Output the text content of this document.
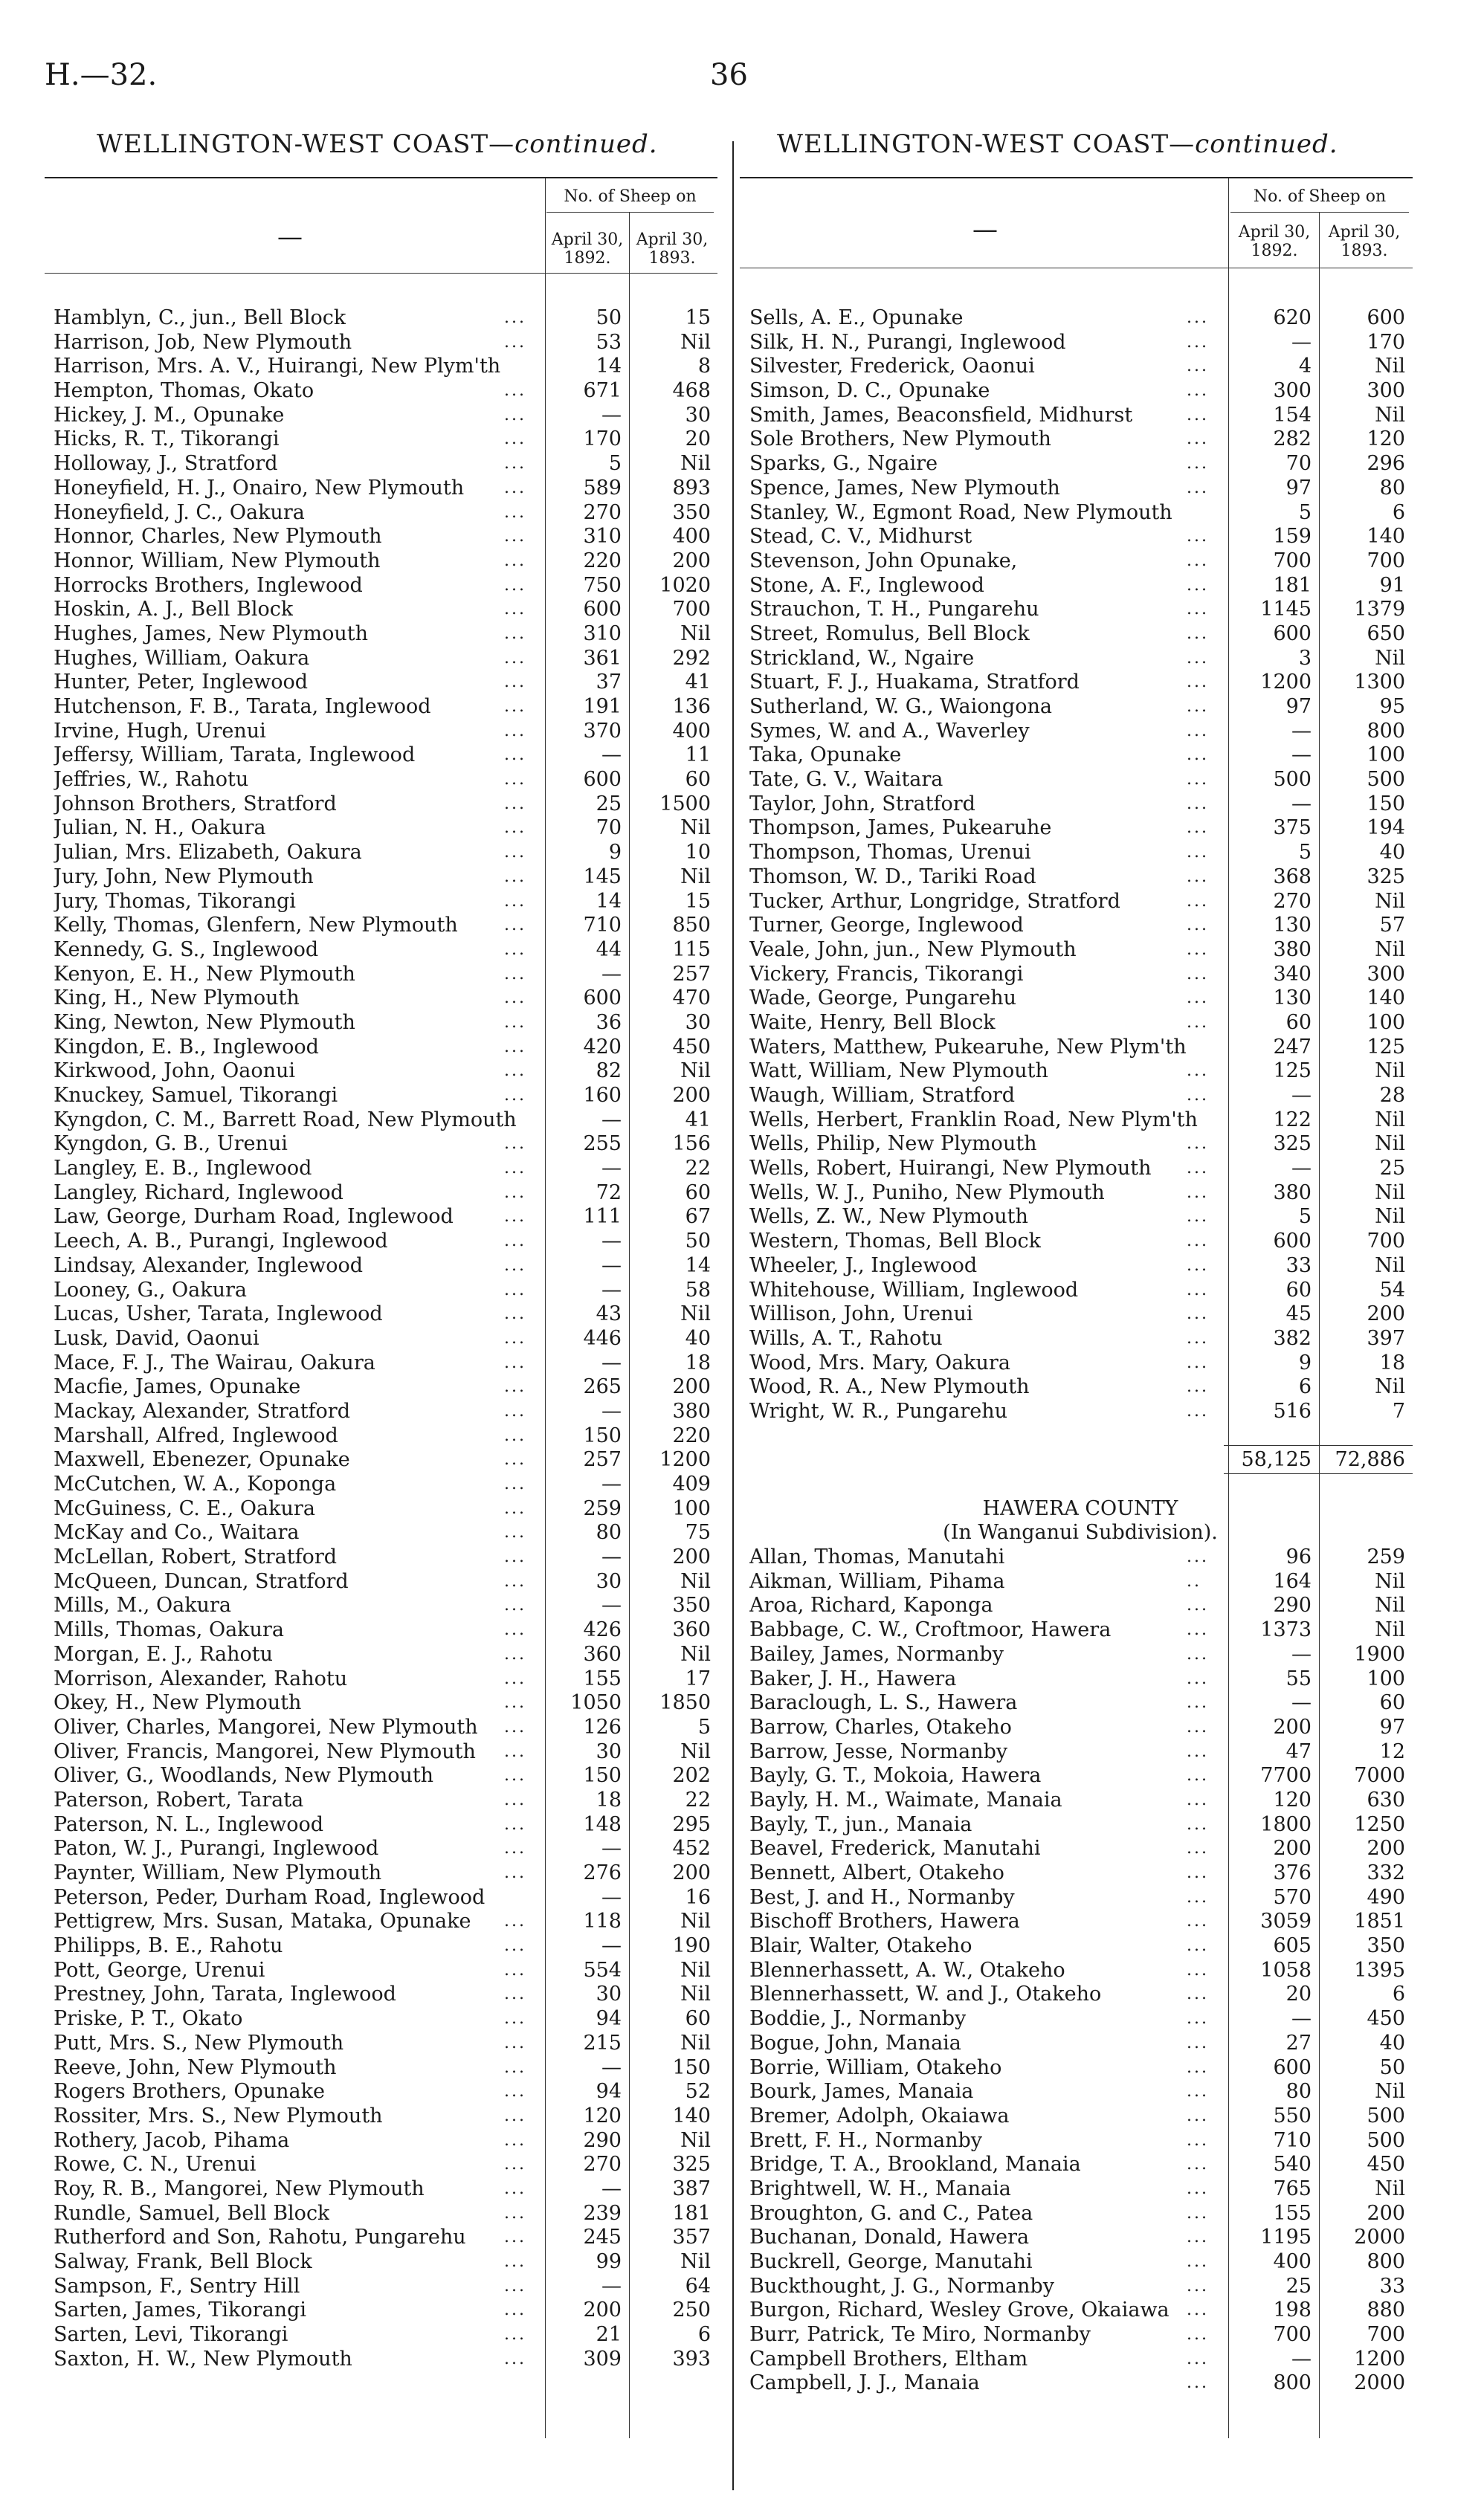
H.—32.	36
WELLINGTON-WEST COAST—continued.
—
No. of Sheep on
April 30, 1892.
April 30, 1893.
Hamblyn, C., jun., Bell Block	...	50	15
Harrison, Job, New Plymouth	...	53	Nil
Harrison, Mrs. A. V., Huirangi, New Plym'th	14	8
Hempton, Thomas, Okato	...	671	468
Hickey, J. M., Opunake	...	—	30
Hicks, R. T., Tikorangi	...	170	20
Holloway, J., Stratford	...	5	Nil
Honeyfield, H. J., Onairo, New Plymouth ...	589	893
Honeyfield, J. C., Oakura	...	270	350
Honnor, Charles, New Plymouth	...	310	400
Honnor, William, New Plymouth	...	220	200
Horrocks Brothers, Inglewood	...	750	1020
Hoskin, A. J., Bell Block	...	600	700
Hughes, James, New Plymouth	...	310	Nil
Hughes, William, Oakura	...	361	292
Hunter, Peter, Inglewood	...	37	41
Hutchenson, F. B., Tarata, Inglewood	...	191	136
Irvine, Hugh, Urenui	...	370	400
Jeffersy, William, Tarata, Inglewood	...	—	11
Jeffries, W., Rahotu	...	600	60
Johnson Brothers, Stratford	...	25	1500
Julian, N. H., Oakura	...	70	Nil
Julian, Mrs. Elizabeth, Oakura	...	9	10
Jury, John, New Plymouth	...	145	Nil
Jury, Thomas, Tikorangi	...	14	15
Kelly, Thomas, Glenfern, New Plymouth	...	710	850
Kennedy, G. S., Inglewood	...	44	115
Kenyon, E. H., New Plymouth	...	—	257
King, H., New Plymouth	...	600	470
King, Newton, New Plymouth	...	36	30
Kingdon, E. B., Inglewood	...	420	450
Kirkwood, John, Oaonui	...	82	Nil
Knuckey, Samuel, Tikorangi	...	160	200
Kyngdon, C. M., Barrett Road, New Plymouth	—	41
Kyngdon, G. B., Urenui	...	255	156
Langley, E. B., Inglewood	...	—	22
Langley, Richard, Inglewood	...	72	60
Law, George, Durham Road, Inglewood	...	111	67
Leech, A. B., Purangi, Inglewood	...	—	50
Lindsay, Alexander, Inglewood	...	—	14
Looney, G., Oakura	...	—	58
Lucas, Usher, Tarata, Inglewood	...	43	Nil
Lusk, David, Oaonui	...	446	40
Mace, F. J., The Wairau, Oakura	...	—	18
Macfie, James, Opunake	...	265	200
Mackay, Alexander, Stratford	...	—	380
Marshall, Alfred, Inglewood	...	150	220
Maxwell, Ebenezer, Opunake	...	257	1200
McCutchen, W. A., Koponga	...	—	409
McGuiness, C. E., Oakura	...	259	100
McKay and Co., Waitara	...	80	75
McLellan, Robert, Stratford	...	—	200
McQueen, Duncan, Stratford	...	30	Nil
Mills, M., Oakura	...	—	350
Mills, Thomas, Oakura	...	426	360
Morgan, E. J., Rahotu	...	360	Nil
Morrison, Alexander, Rahotu	...	155	17
Okey, H., New Plymouth	...	1050	1850
Oliver, Charles, Mangorei, New Plymouth ...	126	5
Oliver, Francis, Mangorei, New Plymouth ...	30	Nil
Oliver, G., Woodlands, New Plymouth	...	150	202
Paterson, Robert, Tarata	...	18	22
Paterson, N. L., Inglewood	...	148	295
Paton, W. J., Purangi, Inglewood	...	—	452
Paynter, William, New Plymouth	...	276	200
Peterson, Peder, Durham Road, Inglewood	—	16
Pettigrew, Mrs. Susan, Mataka, Opunake ...	118	Nil
Philipps, B. E., Rahotu	...	—	190
Pott, George, Urenui	...	554	Nil
Prestney, John, Tarata, Inglewood	...	30	Nil
Priske, P. T., Okato	...	94	60
Putt, Mrs. S., New Plymouth	...	215	Nil
Reeve, John, New Plymouth	...	—	150
Rogers Brothers, Opunake	...	94	52
Rossiter, Mrs. S., New Plymouth	...	120	140
Rothery, Jacob, Pihama	...	290	Nil
Rowe, C. N., Urenui	...	270	325
Roy, R. B., Mangorei, New Plymouth	...	—	387
Rundle, Samuel, Bell Block	...	239	181
Rutherford and Son, Rahotu, Pungarehu ...	245	357
Salway, Frank, Bell Block	...	99	Nil
Sampson, F., Sentry Hill	...	—	64
Sarten, James, Tikorangi	...	200	250
Sarten, Levi, Tikorangi	...	21	6
Saxton, H. W., New Plymouth	...	309	393
WELLINGTON-WEST COAST—continued.
—
No. of Sheep on
April 30, 1892.
April 30, 1893.
Sells, A. E., Opunake	...	620	600
Silk, H. N., Purangi, Inglewood	...	—	170
Silvester, Frederick, Oaonui	...	4	Nil
Simson, D. C., Opunake	...	300	300
Smith, James, Beaconsfield, Midhurst	...	154	Nil
Sole Brothers, New Plymouth	...	282	120
Sparks, G., Ngaire	...	70	296
Spence, James, New Plymouth	...	97	80
Stanley, W., Egmont Road, New Plymouth	5	6
Stead, C. V., Midhurst	...	159	140
Stevenson, John Opunake,	...	700	700
Stone, A. F., Inglewood	...	181	91
Strauchon, T. H., Pungarehu	...	1145	1379
Street, Romulus, Bell Block	...	600	650
Strickland, W., Ngaire	...	3	Nil
Stuart, F. J., Huakama, Stratford	...	1200	1300
Sutherland, W. G., Waiongona	...	97	95
Symes, W. and A., Waverley	...	—	800
Taka, Opunake	...	—	100
Tate, G. V., Waitara	...	500	500
Taylor, John, Stratford	...	—	150
Thompson, James, Pukearuhe	...	375	194
Thompson, Thomas, Urenui	...	5	40
Thomson, W. D., Tariki Road	...	368	325
Tucker, Arthur, Longridge, Stratford	...	270	Nil
Turner, George, Inglewood	...	130	57
Veale, John, jun., New Plymouth	...	380	Nil
Vickery, Francis, Tikorangi	...	340	300
Wade, George, Pungarehu	...	130	140
Waite, Henry, Bell Block	...	60	100
Waters, Matthew, Pukearuhe, New Plym'th	247	125
Watt, William, New Plymouth	...	125	Nil
Waugh, William, Stratford	...	—	28
Wells, Herbert, Franklin Road, New Plym'th	122	Nil
Wells, Philip, New Plymouth	...	325	Nil
Wells, Robert, Huirangi, New Plymouth ...	—	25
Wells, W. J., Puniho, New Plymouth	...	380	Nil
Wells, Z. W., New Plymouth	...	5	Nil
Western, Thomas, Bell Block	...	600	700
Wheeler, J., Inglewood	...	33	Nil
Whitehouse, William, Inglewood	...	60	54
Willison, John, Urenui	...	45	200
Wills, A. T., Rahotu	...	382	397
Wood, Mrs. Mary, Oakura	...	9	18
Wood, R. A., New Plymouth	...	6	Nil
Wright, W. R., Pungarehu	...	516	7
58,125	72,886
HAWERA COUNTY
(In Wanganui Subdivision).
Allan, Thomas, Manutahi	...	96	259
Aikman, William, Pihama	..	164	Nil
Aroa, Richard, Kaponga	...	290	Nil
Babbage, C. W., Croftmoor, Hawera	...	1373	Nil
Bailey, James, Normanby	...	—	1900
Baker, J. H., Hawera	...	55	100
Baraclough, L. S., Hawera	...	—	60
Barrow, Charles, Otakeho	...	200	97
Barrow, Jesse, Normanby	...	47	12
Bayly, G. T., Mokoia, Hawera	...	7700	7000
Bayly, H. M., Waimate, Manaia	...	120	630
Bayly, T., jun., Manaia	...	1800	1250
Beavel, Frederick, Manutahi	...	200	200
Bennett, Albert, Otakeho	...	376	332
Best, J. and H., Normanby	...	570	490
Bischoff Brothers, Hawera	...	3059	1851
Blair, Walter, Otakeho	...	605	350
Blennerhassett, A. W., Otakeho	...	1058	1395
Blennerhassett, W. and J., Otakeho	...	20	6
Boddie, J., Normanby	...	—	450
Bogue, John, Manaia	...	27	40
Borrie, William, Otakeho	...	600	50
Bourk, James, Manaia	...	80	Nil
Bremer, Adolph, Okaiawa	...	550	500
Brett, F. H., Normanby	...	710	500
Bridge, T. A., Brookland, Manaia	...	540	450
Brightwell, W. H., Manaia	...	765	Nil
Broughton, G. and C., Patea	...	155	200
Buchanan, Donald, Hawera	...	1195	2000
Buckrell, George, Manutahi	...	400	800
Buckthought, J. G., Normanby	...	25	33
Burgon, Richard, Wesley Grove, Okaiawa ...	198	880
Burr, Patrick, Te Miro, Normanby	...	700	700
Campbell Brothers, Eltham	...	—	1200
Campbell, J. J., Manaia	...	800	2000
